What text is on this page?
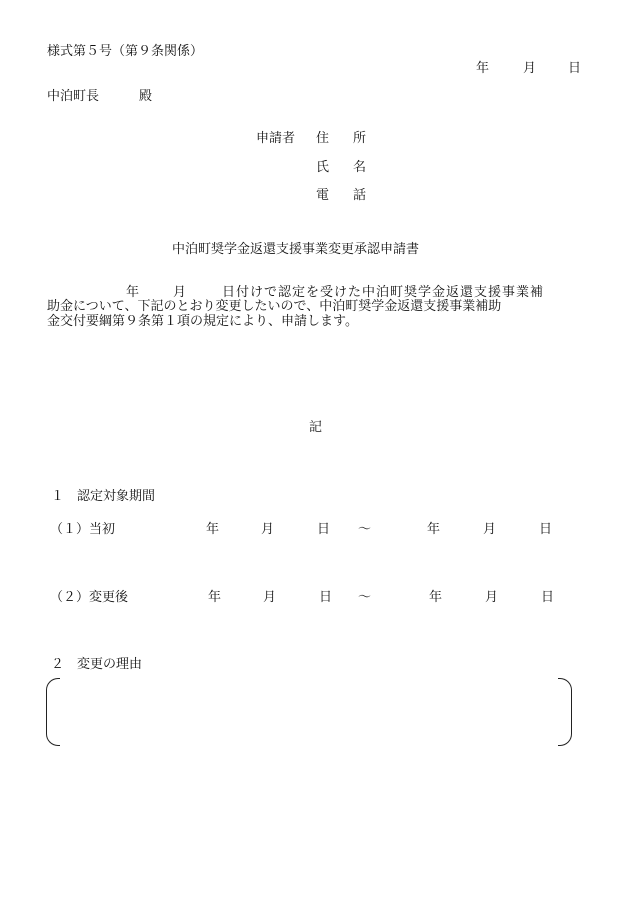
様式第５号（第９条関係）
年	月 日
中泊町長	殿
申請者 住 所
氏 名
電 話
中泊町奨学金返還支援事業変更承認申請書
年	月	日付けで認定を受けた中泊町奨学金返還支援事業補
助金について、下記のとおり変更したいので、中泊町奨学金返還支援事業補助
金交付要綱第９条第１項の規定により、申請します。
記
１　認定対象期間
（１）当初	年	月	日 ～	年	月	日
（２）変更後	年	月	日 ～	年	月	日
２　変更の理由
